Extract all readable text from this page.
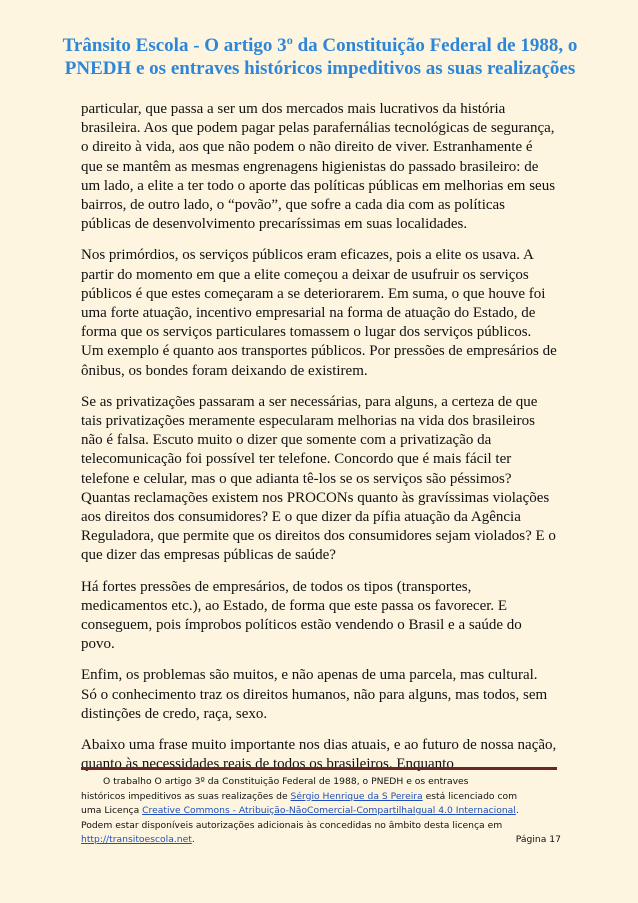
Trânsito Escola - O artigo 3º da Constituição Federal de 1988, o
PNEDH e os entraves históricos impeditivos as suas realizações

particular, que passa a ser um dos mercados mais lucrativos da história brasileira. Aos que podem pagar pelas parafernálias tecnológicas de segurança, o direito à vida, aos que não podem o não direito de viver. Estranhamente é que se mantêm as mesmas engrenagens higienistas do passado brasileiro: de um lado, a elite a ter todo o aporte das políticas públicas em melhorias em seus bairros, de outro lado, o “povão”, que sofre a cada dia com as políticas públicas de desenvolvimento precaríssimas em suas localidades.

Nos primórdios, os serviços públicos eram eficazes, pois a elite os usava. A partir do momento em que a elite começou a deixar de usufruir os serviços públicos é que estes começaram a se deteriorarem. Em suma, o que houve foi uma forte atuação, incentivo empresarial na forma de atuação do Estado, de forma que os serviços particulares tomassem o lugar dos serviços públicos. Um exemplo é quanto aos transportes públicos. Por pressões de empresários de ônibus, os bondes foram deixando de existirem.

Se as privatizações passaram a ser necessárias, para alguns, a certeza de que tais privatizações meramente especularam melhorias na vida dos brasileiros não é falsa. Escuto muito o dizer que somente com a privatização da telecomunicação foi possível ter telefone. Concordo que é mais fácil ter telefone e celular, mas o que adianta tê-los se os serviços são péssimos? Quantas reclamações existem nos PROCONs quanto às gravíssimas violações aos direitos dos consumidores? E o que dizer da pífia atuação da Agência Reguladora, que permite que os direitos dos consumidores sejam violados? E o que dizer das empresas públicas de saúde?

Há fortes pressões de empresários, de todos os tipos (transportes, medicamentos etc.), ao Estado, de forma que este passa os favorecer. E conseguem, pois ímprobos políticos estão vendendo o Brasil e a saúde do povo.

Enfim, os problemas são muitos, e não apenas de uma parcela, mas cultural. Só o conhecimento traz os direitos humanos, não para alguns, mas todos, sem distinções de credo, raça, sexo.

Abaixo uma frase muito importante nos dias atuais, e ao futuro de nossa nação, quanto às necessidades reais de todos os brasileiros. Enquanto

O trabalho O artigo 3º da Constituição Federal de 1988, o PNEDH e os entraves
históricos impeditivos as suas realizações de Sérgio Henrique da S Pereira está licenciado com
uma Licença Creative Commons - Atribuição-NãoComercial-CompartilhaIgual 4.0 Internacional.
Podem estar disponíveis autorizações adicionais às concedidas no âmbito desta licença em
http://transitoescola.net.	Página 17
